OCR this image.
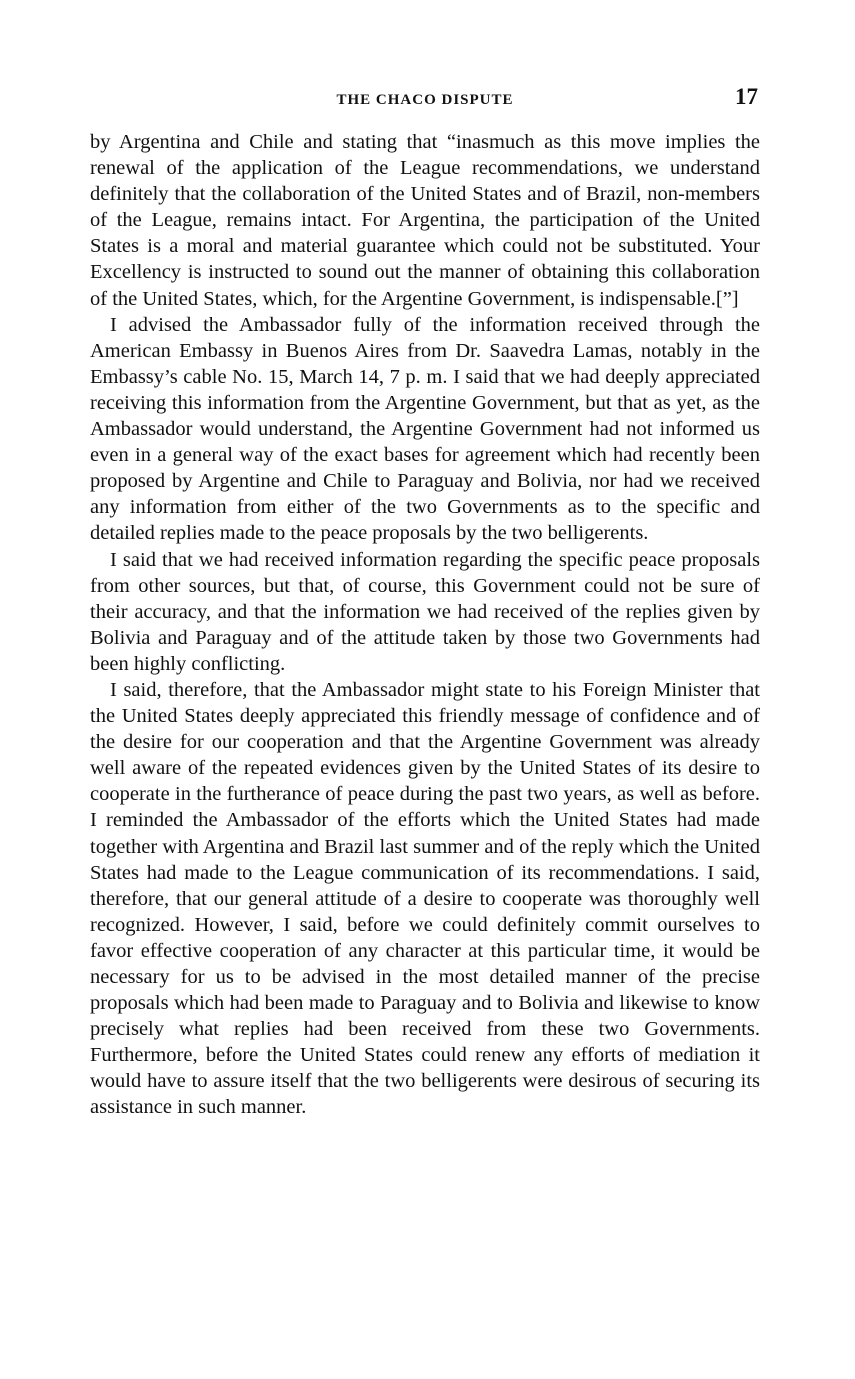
THE CHACO DISPUTE	17

by Argentina and Chile and stating that “inasmuch as this move implies the renewal of the application of the League recommendations, we understand definitely that the collaboration of the United States and of Brazil, non-members of the League, remains intact. For Argentina, the participation of the United States is a moral and material guarantee which could not be substituted. Your Excellency is instructed to sound out the manner of obtaining this collaboration of the United States, which, for the Argentine Government, is indispensable.[”]

I advised the Ambassador fully of the information received through the American Embassy in Buenos Aires from Dr. Saavedra Lamas, notably in the Embassy’s cable No. 15, March 14, 7 p. m. I said that we had deeply appreciated receiving this information from the Argentine Government, but that as yet, as the Ambassador would understand, the Argentine Government had not informed us even in a general way of the exact bases for agreement which had recently been proposed by Argentine and Chile to Paraguay and Bolivia, nor had we received any information from either of the two Governments as to the specific and detailed replies made to the peace proposals by the two belligerents.

I said that we had received information regarding the specific peace proposals from other sources, but that, of course, this Government could not be sure of their accuracy, and that the information we had received of the replies given by Bolivia and Paraguay and of the attitude taken by those two Governments had been highly conflicting.

I said, therefore, that the Ambassador might state to his Foreign Minister that the United States deeply appreciated this friendly message of confidence and of the desire for our cooperation and that the Argentine Government was already well aware of the repeated evidences given by the United States of its desire to cooperate in the furtherance of peace during the past two years, as well as before. I reminded the Ambassador of the efforts which the United States had made together with Argentina and Brazil last summer and of the reply which the United States had made to the League communication of its recommendations. I said, therefore, that our general attitude of a desire to cooperate was thoroughly well recognized. However, I said, before we could definitely commit ourselves to favor effective cooperation of any character at this particular time, it would be necessary for us to be advised in the most detailed manner of the precise proposals which had been made to Paraguay and to Bolivia and likewise to know precisely what replies had been received from these two Governments. Furthermore, before the United States could renew any efforts of mediation it would have to assure itself that the two belligerents were desirous of securing its assistance in such manner.
